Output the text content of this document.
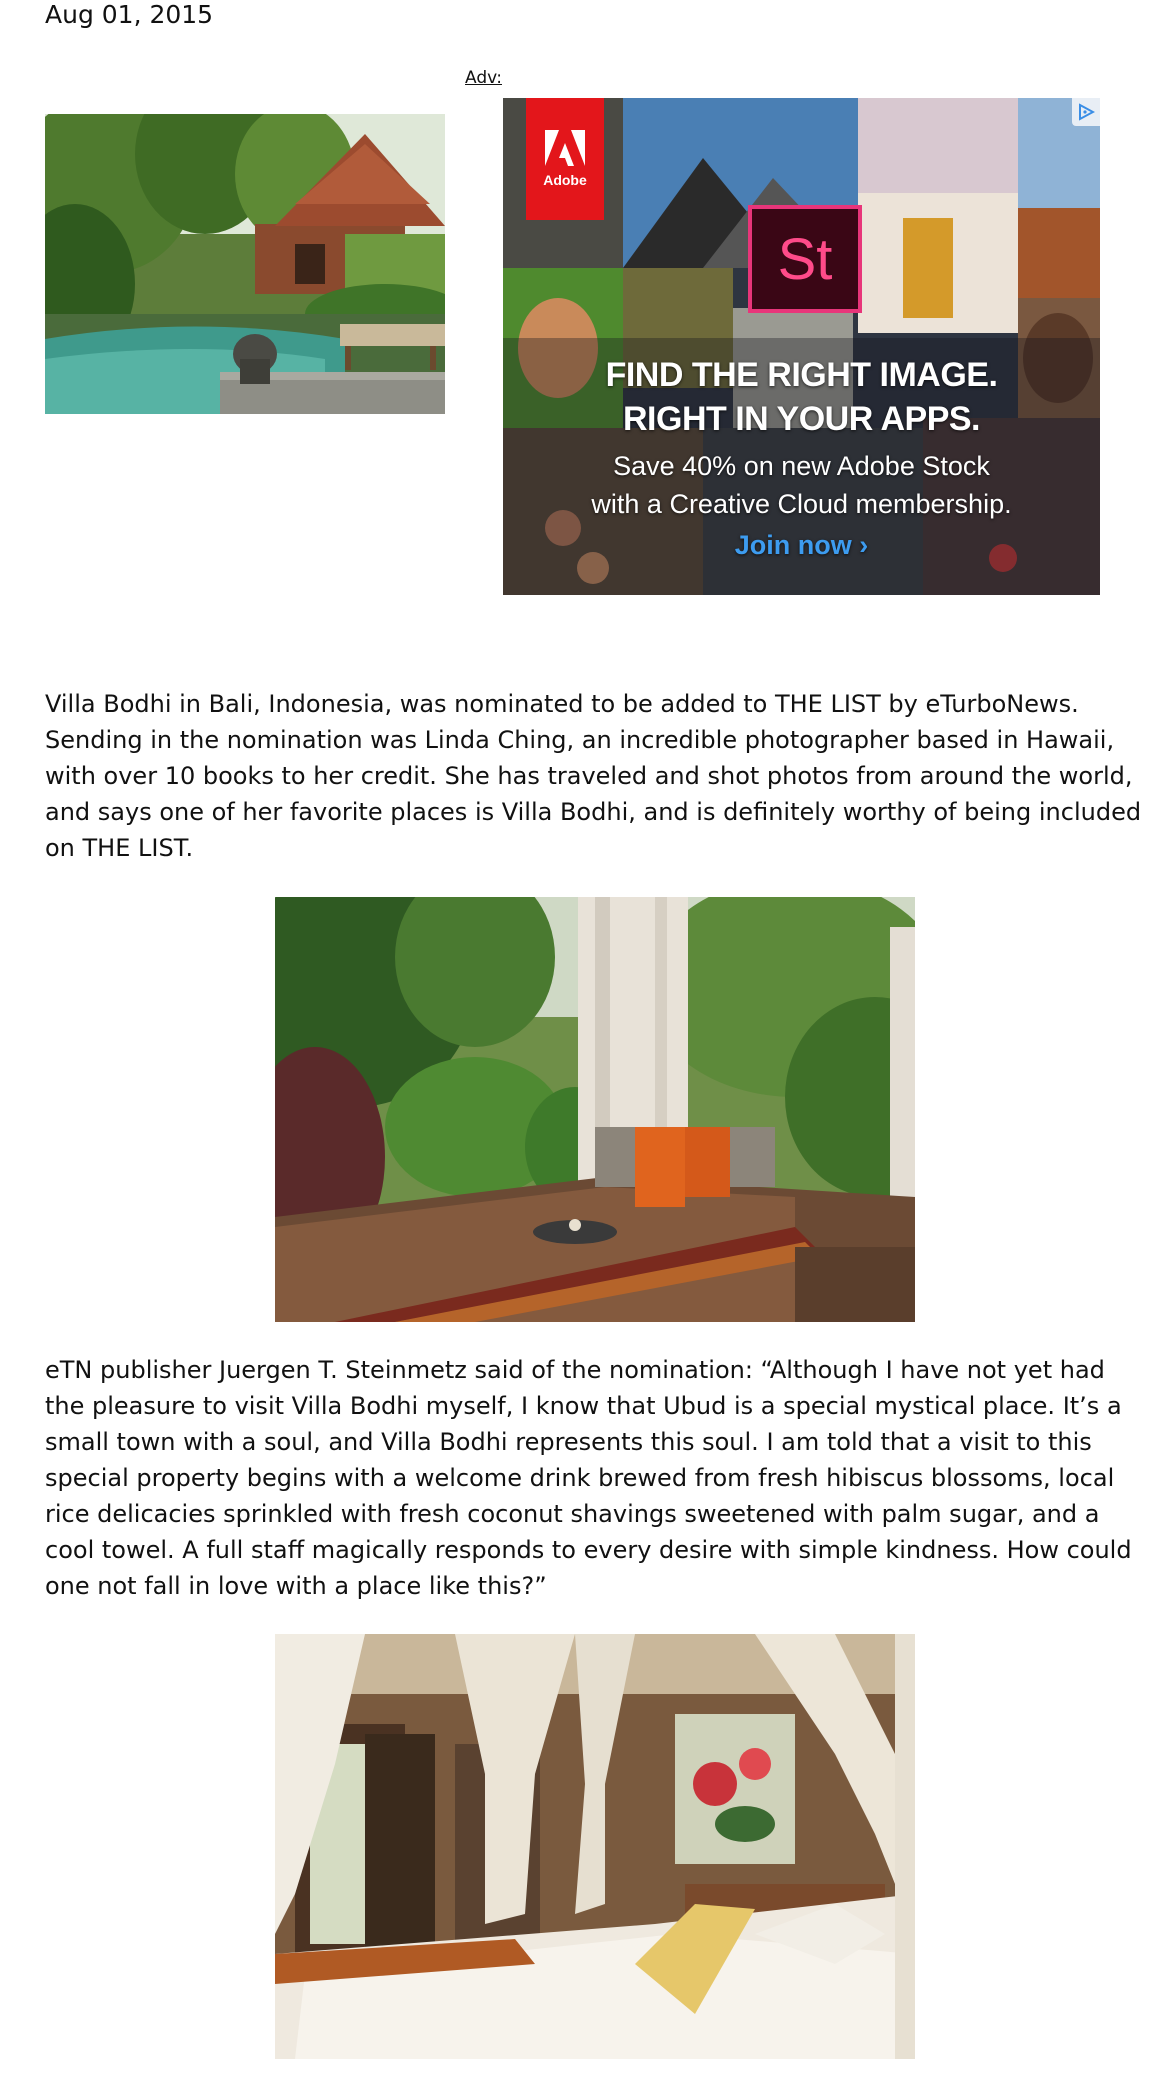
Aug 01, 2015
Adv:
Adobe
St
FIND THE RIGHT IMAGE.
RIGHT IN YOUR APPS.
Save 40% on new Adobe Stock
with a Creative Cloud membership.
Join now ›

Villa Bodhi in Bali, Indonesia, was nominated to be added to THE LIST by eTurboNews. Sending in the nomination was Linda Ching, an incredible photographer based in Hawaii, with over 10 books to her credit. She has traveled and shot photos from around the world, and says one of her favorite places is Villa Bodhi, and is definitely worthy of being included on THE LIST.

eTN publisher Juergen T. Steinmetz said of the nomination: “Although I have not yet had the pleasure to visit Villa Bodhi myself, I know that Ubud is a special mystical place. It’s a small town with a soul, and Villa Bodhi represents this soul. I am told that a visit to this special property begins with a welcome drink brewed from fresh hibiscus blossoms, local rice delicacies sprinkled with fresh coconut shavings sweetened with palm sugar, and a cool towel. A full staff magically responds to every desire with simple kindness. How could one not fall in love with a place like this?”
